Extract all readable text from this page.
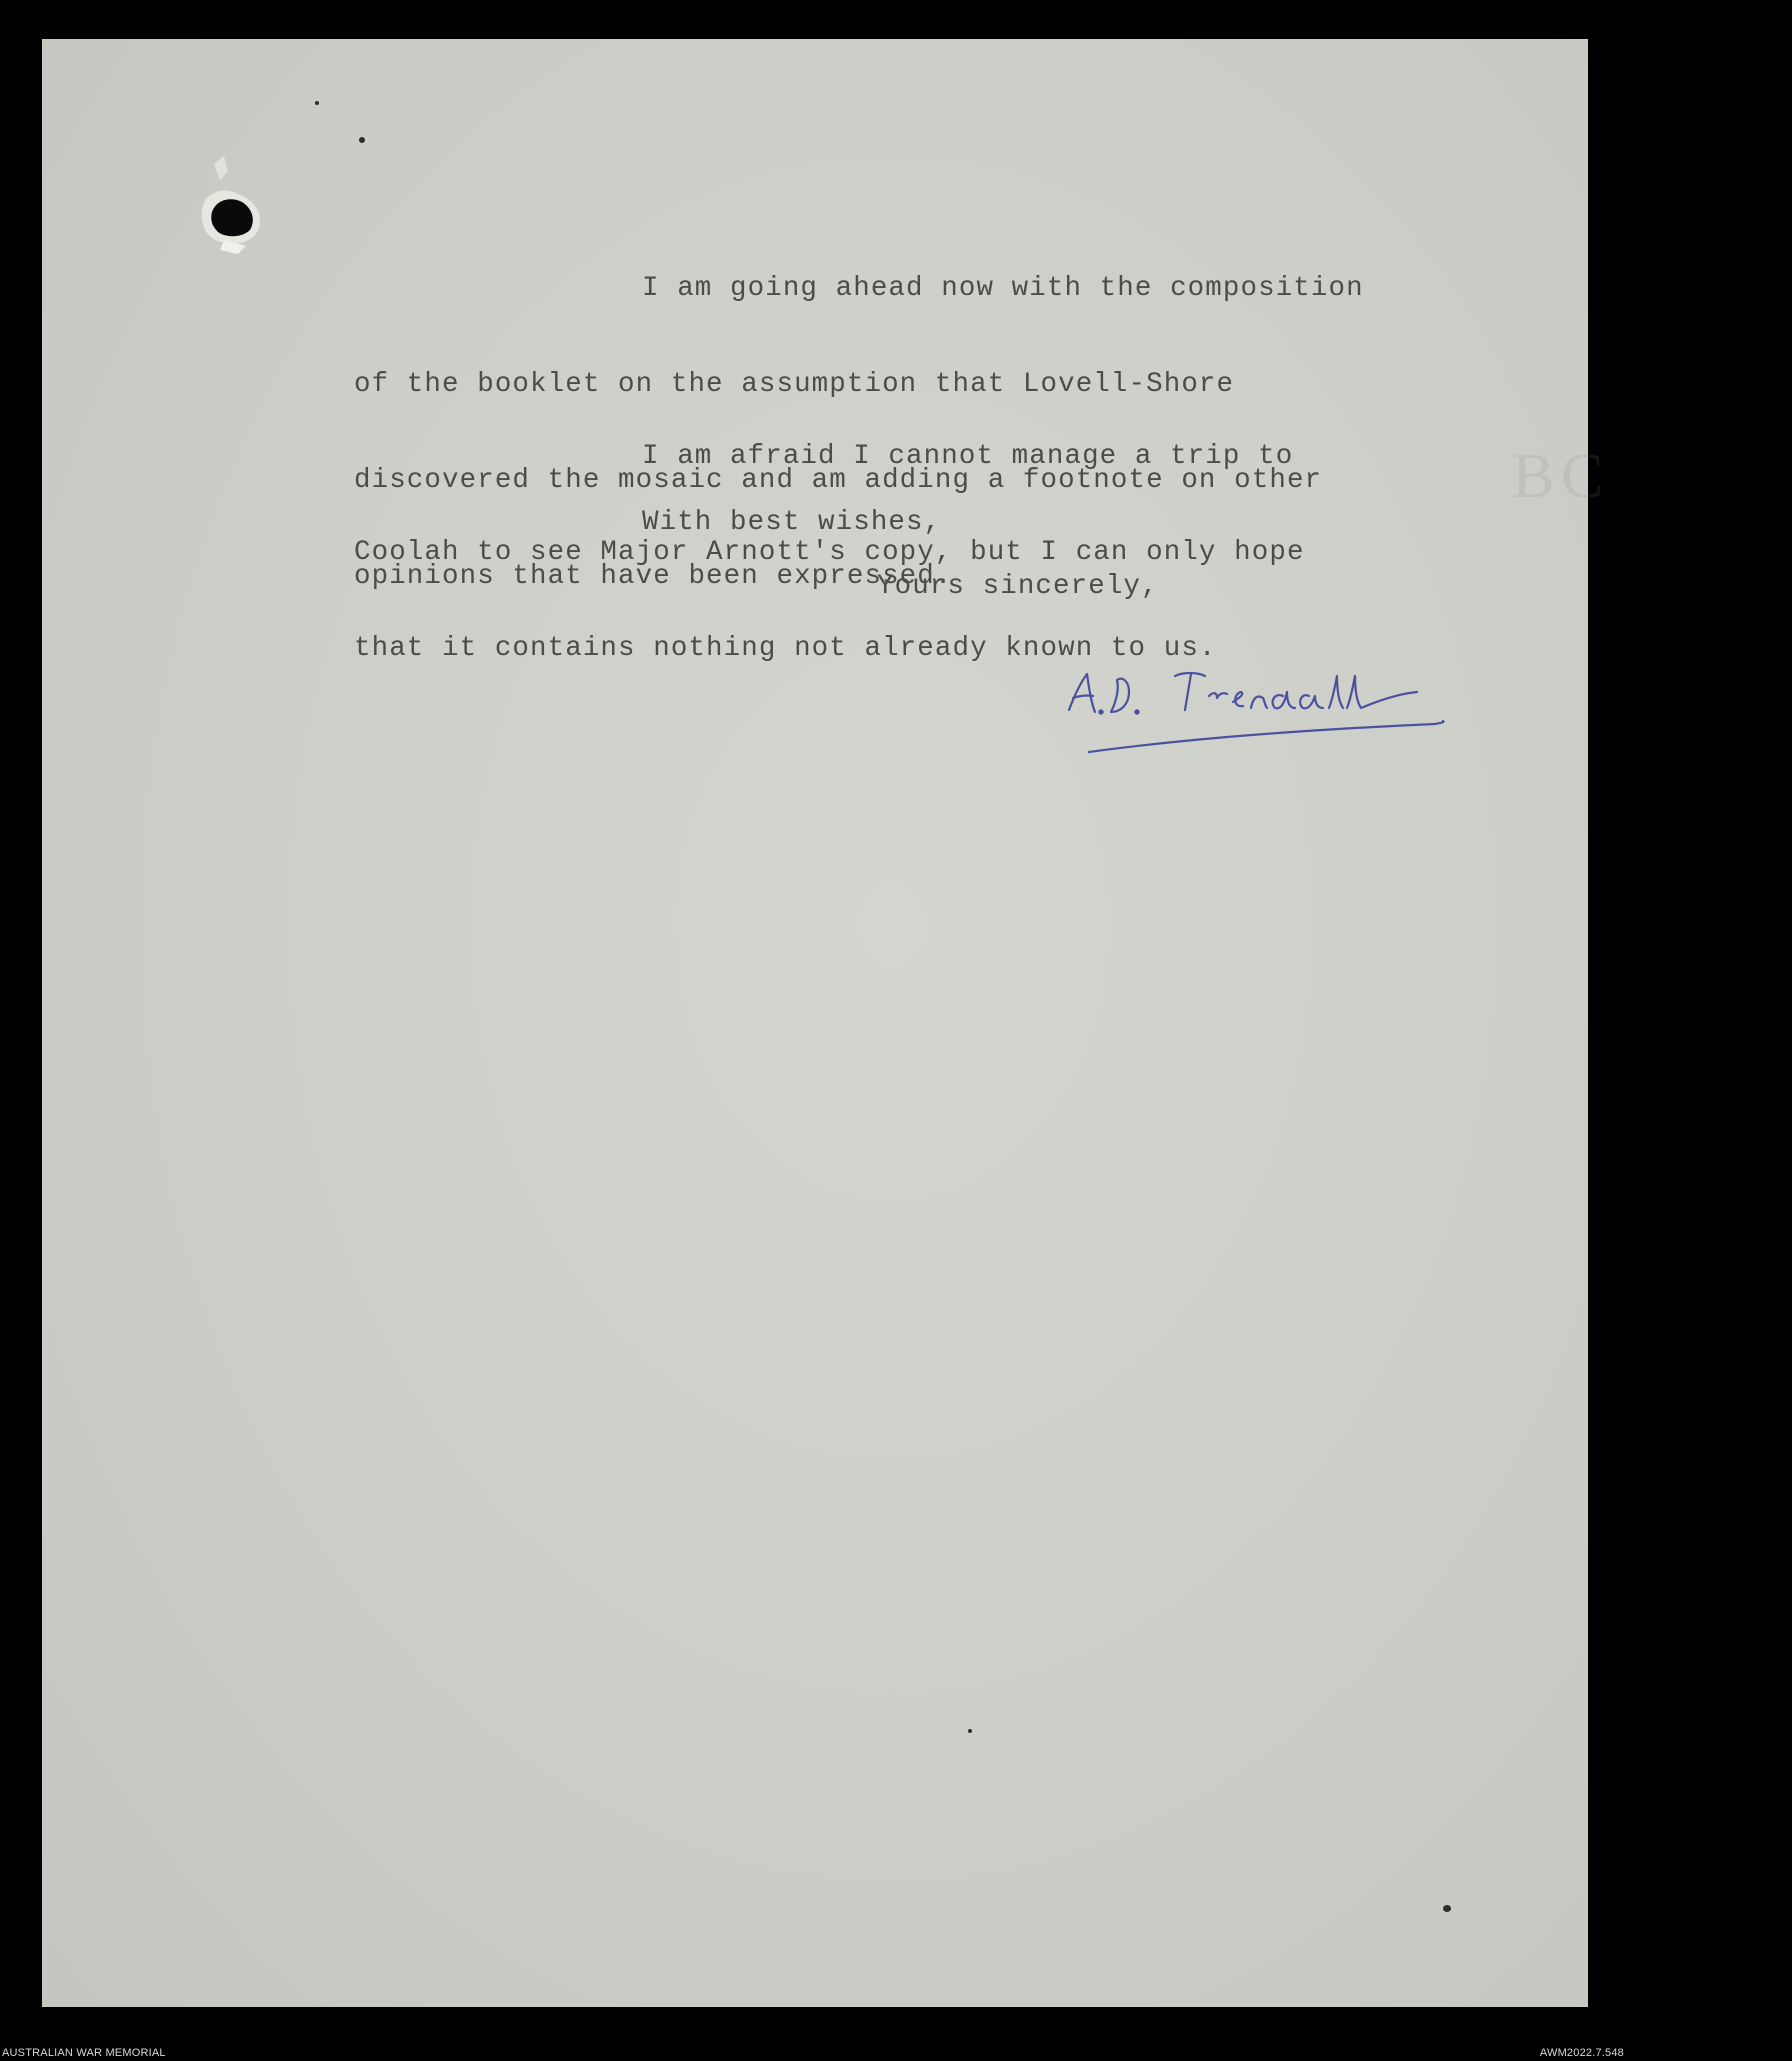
BC

I am going ahead now with the composition

of the booklet on the assumption that Lovell-Shore

discovered the mosaic and am adding a footnote on other

opinions that have been expressed.

I am afraid I cannot manage a trip to

Coolah to see Major Arnott's copy, but I can only hope

that it contains nothing not already known to us.

With best wishes,
Yours sincerely,
AUSTRALIAN WAR MEMORIAL	AWM2022.7.548
